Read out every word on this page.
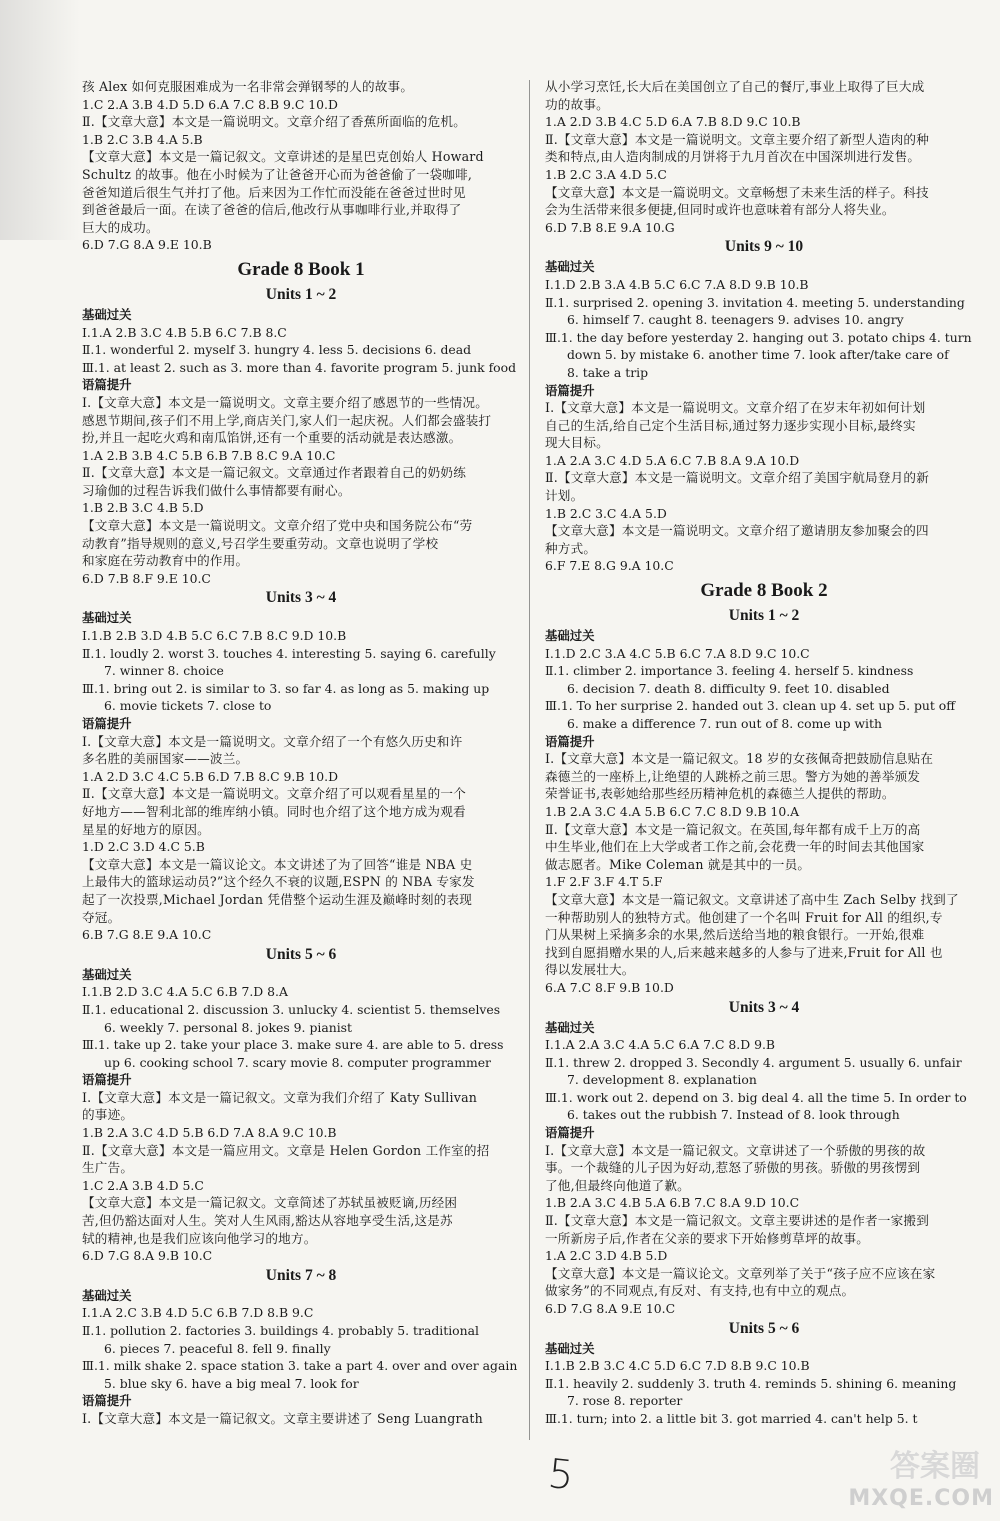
孩 Alex 如何克服困难成为一名非常会弹钢琴的人的故事。
1.C 2.A 3.B 4.D 5.D 6.A 7.C 8.B 9.C 10.D
Ⅱ.【文章大意】本文是一篇说明文。文章介绍了香蕉所面临的危机。
1.B 2.C 3.B 4.A 5.B
【文章大意】本文是一篇记叙文。文章讲述的是星巴克创始人 Howard
Schultz 的故事。他在小时候为了让爸爸开心而为爸爸偷了一袋咖啡,
爸爸知道后很生气并打了他。后来因为工作忙而没能在爸爸过世时见
到爸爸最后一面。在读了爸爸的信后,他改行从事咖啡行业,并取得了
巨大的成功。
6.D 7.G 8.A 9.E 10.B
Grade 8 Book 1
Units 1 ~ 2
基础过关
Ⅰ.1.A 2.B 3.C 4.B 5.B 6.C 7.B 8.C
Ⅱ.1. wonderful 2. myself 3. hungry 4. less 5. decisions 6. dead
Ⅲ.1. at least 2. such as 3. more than 4. favorite program 5. junk food
语篇提升
Ⅰ.【文章大意】本文是一篇说明文。文章主要介绍了感恩节的一些情况。
感恩节期间,孩子们不用上学,商店关门,家人们一起庆祝。人们都会盛装打
扮,并且一起吃火鸡和南瓜馅饼,还有一个重要的活动就是表达感激。
1.A 2.B 3.B 4.C 5.B 6.B 7.B 8.C 9.A 10.C
Ⅱ.【文章大意】本文是一篇记叙文。文章通过作者跟着自己的奶奶练
习瑜伽的过程告诉我们做什么事情都要有耐心。
1.B 2.B 3.C 4.B 5.D
【文章大意】本文是一篇说明文。文章介绍了党中央和国务院公布“劳
动教育”指导规则的意义,号召学生要重劳动。文章也说明了学校
和家庭在劳动教育中的作用。
6.D 7.B 8.F 9.E 10.C
Units 3 ~ 4
基础过关
Ⅰ.1.B 2.B 3.D 4.B 5.C 6.C 7.B 8.C 9.D 10.B
Ⅱ.1. loudly 2. worst 3. touches 4. interesting 5. saying 6. carefully
7. winner 8. choice
Ⅲ.1. bring out 2. is similar to 3. so far 4. as long as 5. making up
6. movie tickets 7. close to
语篇提升
Ⅰ.【文章大意】本文是一篇说明文。文章介绍了一个有悠久历史和许
多名胜的美丽国家——波兰。
1.A 2.D 3.C 4.C 5.B 6.D 7.B 8.C 9.B 10.D
Ⅱ.【文章大意】本文是一篇说明文。文章介绍了可以观看星星的一个
好地方——智利北部的维库纳小镇。同时也介绍了这个地方成为观看
星星的好地方的原因。
1.D 2.C 3.D 4.C 5.B
【文章大意】本文是一篇议论文。本文讲述了为了回答“谁是 NBA 史
上最伟大的篮球运动员?”这个经久不衰的议题,ESPN 的 NBA 专家发
起了一次投票,Michael Jordan 凭借整个运动生涯及巅峰时刻的表现
夺冠。
6.B 7.G 8.E 9.A 10.C
Units 5 ~ 6
基础过关
Ⅰ.1.B 2.D 3.C 4.A 5.C 6.B 7.D 8.A
Ⅱ.1. educational 2. discussion 3. unlucky 4. scientist 5. themselves
6. weekly 7. personal 8. jokes 9. pianist
Ⅲ.1. take up 2. take your place 3. make sure 4. are able to 5. dress
up 6. cooking school 7. scary movie 8. computer programmer
语篇提升
Ⅰ.【文章大意】本文是一篇记叙文。文章为我们介绍了 Katy Sullivan
的事迹。
1.B 2.A 3.C 4.D 5.B 6.D 7.A 8.A 9.C 10.B
Ⅱ.【文章大意】本文是一篇应用文。文章是 Helen Gordon 工作室的招
生广告。
1.C 2.A 3.B 4.D 5.C
【文章大意】本文是一篇记叙文。文章简述了苏轼虽被贬谪,历经困
苦,但仍豁达面对人生。笑对人生风雨,豁达从容地享受生活,这是苏
轼的精神,也是我们应该向他学习的地方。
6.D 7.G 8.A 9.B 10.C
Units 7 ~ 8
基础过关
Ⅰ.1.A 2.C 3.B 4.D 5.C 6.B 7.D 8.B 9.C
Ⅱ.1. pollution 2. factories 3. buildings 4. probably 5. traditional
6. pieces 7. peaceful 8. fell 9. finally
Ⅲ.1. milk shake 2. space station 3. take a part 4. over and over again
5. blue sky 6. have a big meal 7. look for
语篇提升
Ⅰ.【文章大意】本文是一篇记叙文。文章主要讲述了 Seng Luangrath
从小学习烹饪,长大后在美国创立了自己的餐厅,事业上取得了巨大成
功的故事。
1.A 2.D 3.B 4.C 5.D 6.A 7.B 8.D 9.C 10.B
Ⅱ.【文章大意】本文是一篇说明文。文章主要介绍了新型人造肉的种
类和特点,由人造肉制成的月饼将于九月首次在中国深圳进行发售。
1.B 2.C 3.A 4.D 5.C
【文章大意】本文是一篇说明文。文章畅想了未来生活的样子。科技
会为生活带来很多便捷,但同时或许也意味着有部分人将失业。
6.D 7.B 8.E 9.A 10.G
Units 9 ~ 10
基础过关
Ⅰ.1.D 2.B 3.A 4.B 5.C 6.C 7.A 8.D 9.B 10.B
Ⅱ.1. surprised 2. opening 3. invitation 4. meeting 5. understanding
6. himself 7. caught 8. teenagers 9. advises 10. angry
Ⅲ.1. the day before yesterday 2. hanging out 3. potato chips 4. turn
down 5. by mistake 6. another time 7. look after/take care of
8. take a trip
语篇提升
Ⅰ.【文章大意】本文是一篇说明文。文章介绍了在岁末年初如何计划
自己的生活,给自己定个生活目标,通过努力逐步实现小目标,最终实
现大目标。
1.A 2.A 3.C 4.D 5.A 6.C 7.B 8.A 9.A 10.D
Ⅱ.【文章大意】本文是一篇说明文。文章介绍了美国宇航局登月的新
计划。
1.B 2.C 3.C 4.A 5.D
【文章大意】本文是一篇说明文。文章介绍了邀请朋友参加聚会的四
种方式。
6.F 7.E 8.G 9.A 10.C
Grade 8 Book 2
Units 1 ~ 2
基础过关
Ⅰ.1.D 2.C 3.A 4.C 5.B 6.C 7.A 8.D 9.C 10.C
Ⅱ.1. climber 2. importance 3. feeling 4. herself 5. kindness
6. decision 7. death 8. difficulty 9. feet 10. disabled
Ⅲ.1. To her surprise 2. handed out 3. clean up 4. set up 5. put off
6. make a difference 7. run out of 8. come up with
语篇提升
Ⅰ.【文章大意】本文是一篇记叙文。18 岁的女孩佩奇把鼓励信息贴在
森德兰的一座桥上,让绝望的人跳桥之前三思。警方为她的善举颁发
荣誉证书,表彰她给那些经历精神危机的森德兰人提供的帮助。
1.B 2.A 3.C 4.A 5.B 6.C 7.C 8.D 9.B 10.A
Ⅱ.【文章大意】本文是一篇记叙文。在英国,每年都有成千上万的高
中生毕业,他们在上大学或者工作之前,会花费一年的时间去其他国家
做志愿者。Mike Coleman 就是其中的一员。
1.F 2.F 3.F 4.T 5.F
【文章大意】本文是一篇记叙文。文章讲述了高中生 Zach Selby 找到了
一种帮助别人的独特方式。他创建了一个名叫 Fruit for All 的组织,专
门从果树上采摘多余的水果,然后送给当地的粮食银行。一开始,很难
找到自愿捐赠水果的人,后来越来越多的人参与了进来,Fruit for All 也
得以发展壮大。
6.A 7.C 8.F 9.B 10.D
Units 3 ~ 4
基础过关
Ⅰ.1.A 2.A 3.C 4.A 5.C 6.A 7.C 8.D 9.B
Ⅱ.1. threw 2. dropped 3. Secondly 4. argument 5. usually 6. unfair
7. development 8. explanation
Ⅲ.1. work out 2. depend on 3. big deal 4. all the time 5. In order to
6. takes out the rubbish 7. Instead of 8. look through
语篇提升
Ⅰ.【文章大意】本文是一篇记叙文。文章讲述了一个骄傲的男孩的故
事。一个裁缝的儿子因为好动,惹怒了骄傲的男孩。骄傲的男孩愣到
了他,但最终向他道了歉。
1.B 2.A 3.C 4.B 5.A 6.B 7.C 8.A 9.D 10.C
Ⅱ.【文章大意】本文是一篇记叙文。文章主要讲述的是作者一家搬到
一所新房子后,作者在父亲的要求下开始修剪草坪的故事。
1.A 2.C 3.D 4.B 5.D
【文章大意】本文是一篇议论文。文章列举了关于“孩子应不应该在家
做家务”的不同观点,有反对、有支持,也有中立的观点。
6.D 7.G 8.A 9.E 10.C
Units 5 ~ 6
基础过关
Ⅰ.1.B 2.B 3.C 4.C 5.D 6.C 7.D 8.B 9.C 10.B
Ⅱ.1. heavily 2. suddenly 3. truth 4. reminds 5. shining 6. meaning
7. rose 8. reporter
Ⅲ.1. turn; into 2. a little bit 3. got married 4. can't help 5. t
5	答案圈
MXQE.COM
